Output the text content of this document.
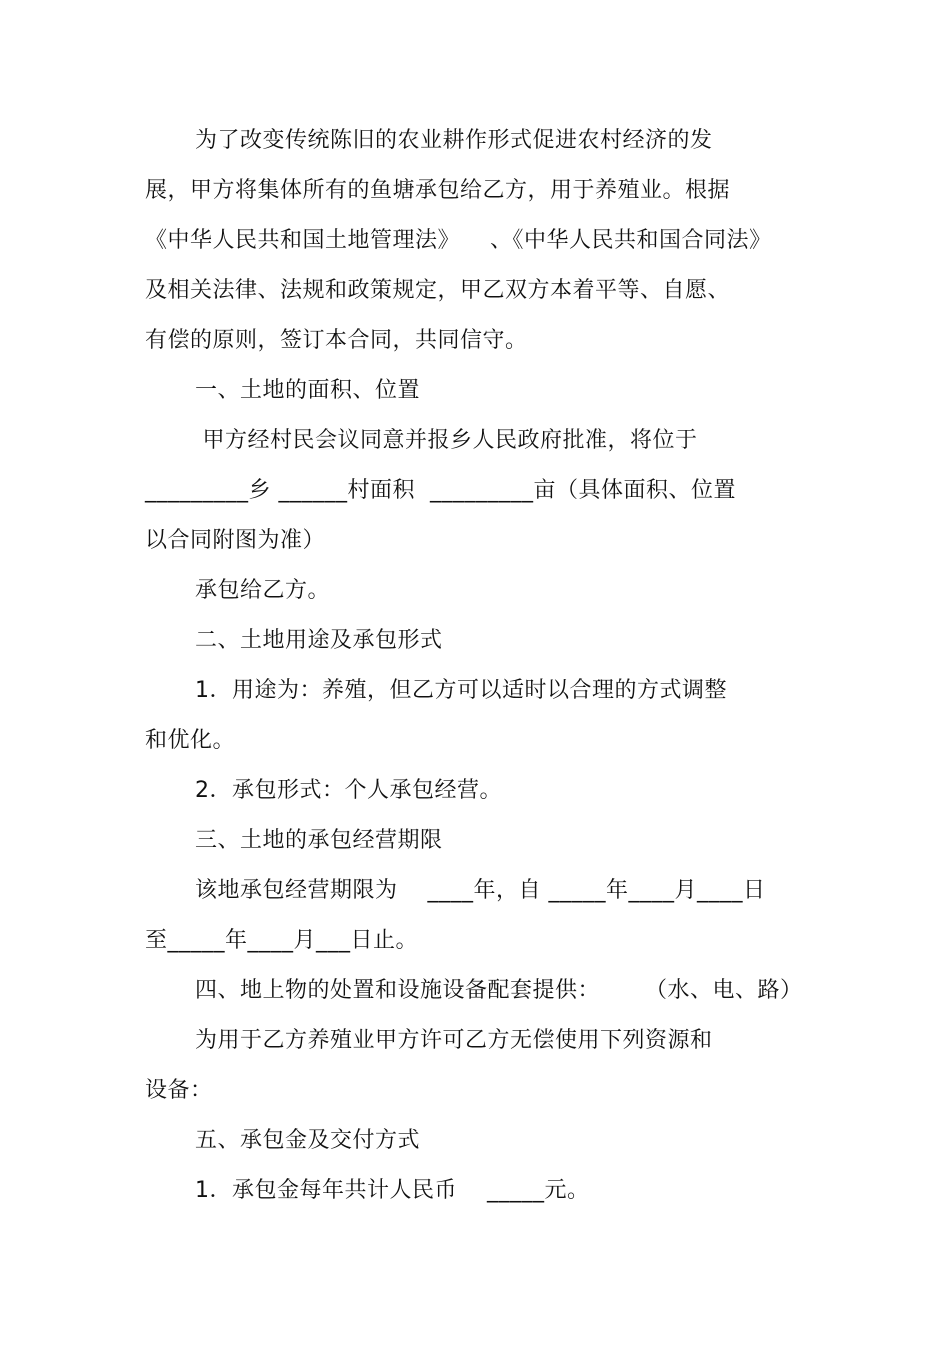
为了改变传统陈旧的农业耕作形式促进农村经济的发
展，甲方将集体所有的鱼塘承包给乙方，用于养殖业。根据
《中华人民共和国土地管理法》    、《中华人民共和国合同法》
及相关法律、法规和政策规定，甲乙双方本着平等、自愿、
有偿的原则，签订本合同，共同信守。
一、土地的面积、位置
甲方经村民会议同意并报乡人民政府批准，将位于
_________乡 ______村面积  _________亩（具体面积、位置
以合同附图为准）
承包给乙方。
二、土地用途及承包形式
1．用途为：养殖，但乙方可以适时以合理的方式调整
和优化。
2．承包形式：个人承包经营。
三、土地的承包经营期限
该地承包经营期限为    ____年，自 _____年____月____日
至_____年____月___日止。
四、地上物的处置和设施设备配套提供：      （水、电、路）
为用于乙方养殖业甲方许可乙方无偿使用下列资源和
设备：
五、承包金及交付方式
1．承包金每年共计人民币    _____元。
